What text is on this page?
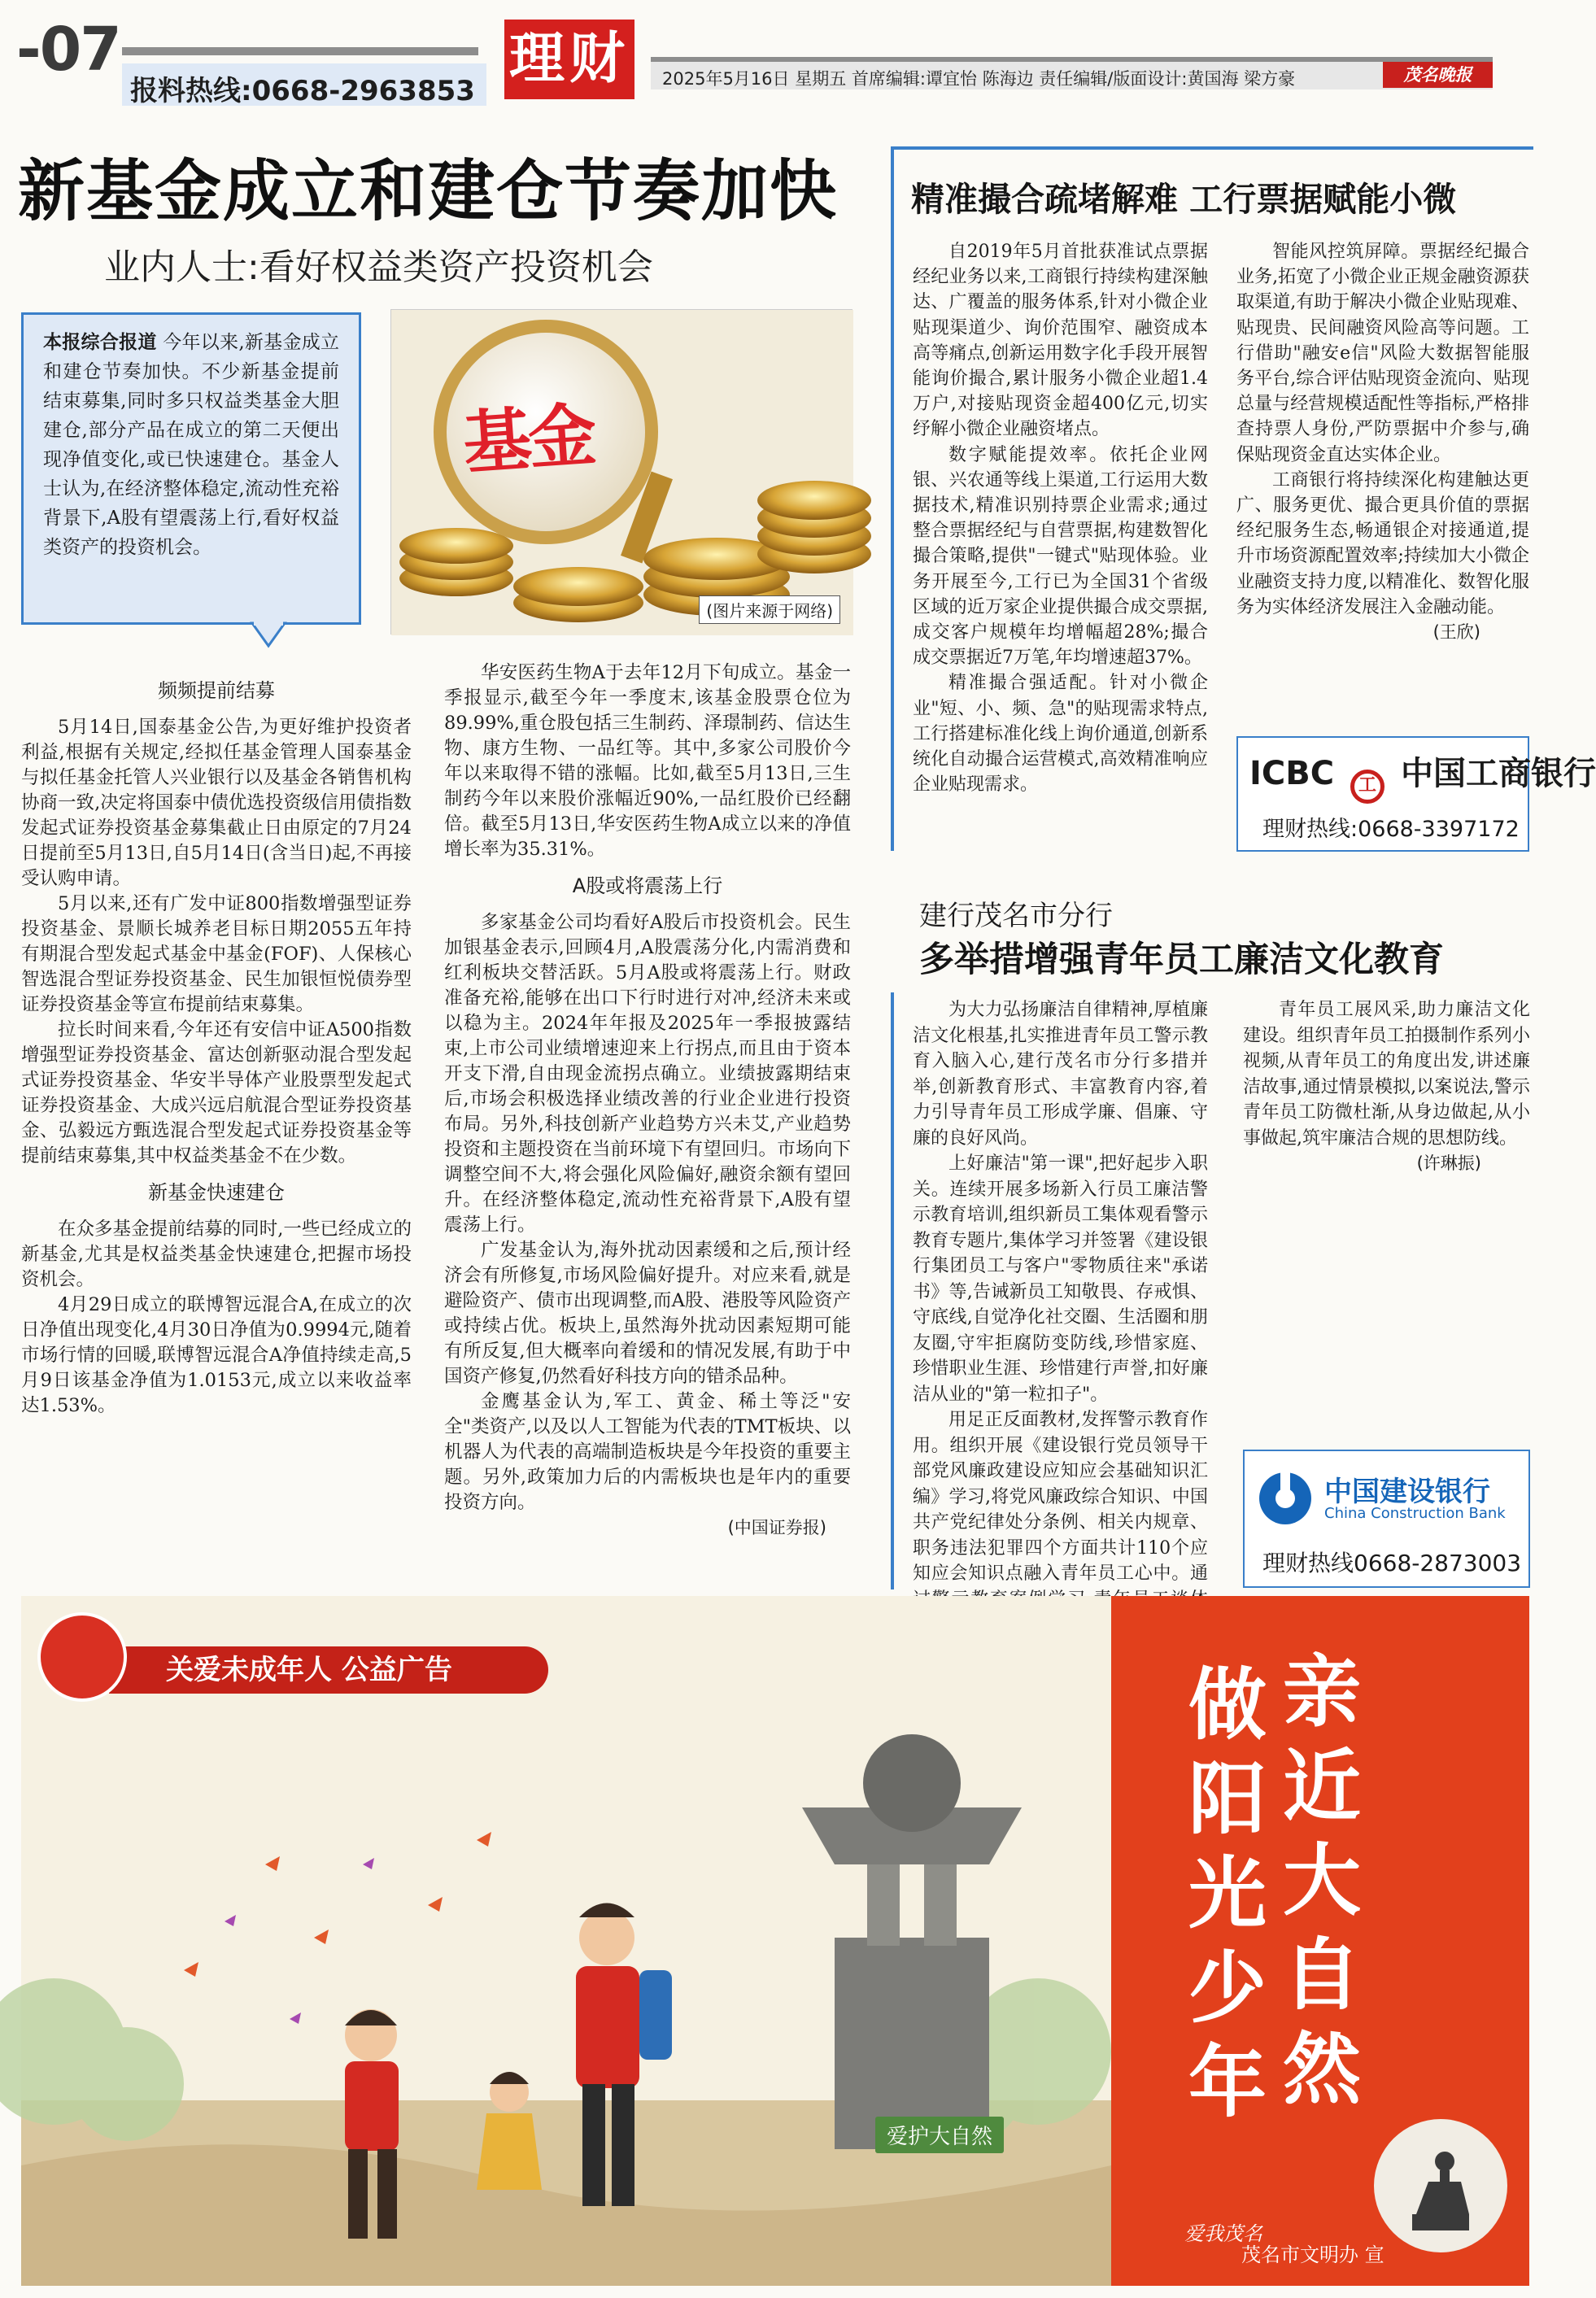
-07
报料热线:0668-2963853 理财	2025年5月16日 星期五 首席编辑:谭宜怡 陈海边 责任编辑/版面设计:黄国海 梁方豪	茂名晚报
新基金成立和建仓节奏加快
业内人士:看好权益类资产投资机会
本报综合报道 今年以来,新基金成立和建仓节奏加快。不少新基金提前结束募集,同时多只权益类基金大胆建仓,部分产品在成立的第二天便出现净值变化,或已快速建仓。基金人士认为,在经济整体稳定,流动性充裕背景下,A股有望震荡上行,看好权益类资产的投资机会。
基金
(图片来源于网络)
频频提前结募

5月14日,国泰基金公告,为更好维护投资者利益,根据有关规定,经拟任基金管理人国泰基金与拟任基金托管人兴业银行以及基金各销售机构协商一致,决定将国泰中债优选投资级信用债指数发起式证券投资基金募集截止日由原定的7月24日提前至5月13日,自5月14日(含当日)起,不再接受认购申请。

5月以来,还有广发中证800指数增强型证券投资基金、景顺长城养老目标日期2055五年持有期混合型发起式基金中基金(FOF)、人保核心智选混合型证券投资基金、民生加银恒悦债券型证券投资基金等宣布提前结束募集。

拉长时间来看,今年还有安信中证A500指数增强型证券投资基金、富达创新驱动混合型发起式证券投资基金、华安半导体产业股票型发起式证券投资基金、大成兴远启航混合型证券投资基金、弘毅远方甄选混合型发起式证券投资基金等提前结束募集,其中权益类基金不在少数。

新基金快速建仓

在众多基金提前结募的同时,一些已经成立的新基金,尤其是权益类基金快速建仓,把握市场投资机会。

4月29日成立的联博智远混合A,在成立的次日净值出现变化,4月30日净值为0.9994元,随着市场行情的回暖,联博智远混合A净值持续走高,5月9日该基金净值为1.0153元,成立以来收益率达1.53%。

华安医药生物A于去年12月下旬成立。基金一季报显示,截至今年一季度末,该基金股票仓位为89.99%,重仓股包括三生制药、泽璟制药、信达生物、康方生物、一品红等。其中,多家公司股价今年以来取得不错的涨幅。比如,截至5月13日,三生制药今年以来股价涨幅近90%,一品红股价已经翻倍。截至5月13日,华安医药生物A成立以来的净值增长率为35.31%。

A股或将震荡上行

多家基金公司均看好A股后市投资机会。民生加银基金表示,回顾4月,A股震荡分化,内需消费和红利板块交替活跃。5月A股或将震荡上行。财政准备充裕,能够在出口下行时进行对冲,经济未来或以稳为主。2024年年报及2025年一季报披露结束,上市公司业绩增速迎来上行拐点,而且由于资本开支下滑,自由现金流拐点确立。业绩披露期结束后,市场会积极选择业绩改善的行业企业进行投资布局。另外,科技创新产业趋势方兴未艾,产业趋势投资和主题投资在当前环境下有望回归。市场向下调整空间不大,将会强化风险偏好,融资余额有望回升。在经济整体稳定,流动性充裕背景下,A股有望震荡上行。

广发基金认为,海外扰动因素缓和之后,预计经济会有所修复,市场风险偏好提升。对应来看,就是避险资产、债市出现调整,而A股、港股等风险资产或持续占优。板块上,虽然海外扰动因素短期可能有所反复,但大概率向着缓和的情况发展,有助于中国资产修复,仍然看好科技方向的错杀品种。

金鹰基金认为,军工、黄金、稀土等泛"安全"类资产,以及以人工智能为代表的TMT板块、以机器人为代表的高端制造板块是今年投资的重要主题。另外,政策加力后的内需板块也是年内的重要投资方向。

(中国证券报)

精准撮合疏堵解难 工行票据赋能小微

自2019年5月首批获准试点票据经纪业务以来,工商银行持续构建深触达、广覆盖的服务体系,针对小微企业贴现渠道少、询价范围窄、融资成本高等痛点,创新运用数字化手段开展智能询价撮合,累计服务小微企业超1.4万户,对接贴现资金超400亿元,切实纾解小微企业融资堵点。

数字赋能提效率。依托企业网银、兴农通等线上渠道,工行运用大数据技术,精准识别持票企业需求;通过整合票据经纪与自营票据,构建数智化撮合策略,提供"一键式"贴现体验。业务开展至今,工行已为全国31个省级区域的近万家企业提供撮合成交票据,成交客户规模年均增幅超28%;撮合成交票据近7万笔,年均增速超37%。

精准撮合强适配。针对小微企业"短、小、频、急"的贴现需求特点,工行搭建标准化线上询价通道,创新系统化自动撮合运营模式,高效精准响应企业贴现需求。

智能风控筑屏障。票据经纪撮合业务,拓宽了小微企业正规金融资源获取渠道,有助于解决小微企业贴现难、贴现贵、民间融资风险高等问题。工行借助"融安e信"风险大数据智能服务平台,综合评估贴现资金流向、贴现总量与经营规模适配性等指标,严格排查持票人身份,严防票据中介参与,确保贴现资金直达实体企业。

工商银行将持续深化构建触达更广、服务更优、撮合更具价值的票据经纪服务生态,畅通银企对接通道,提升市场资源配置效率;持续加大小微企业融资支持力度,以精准化、数智化服务为实体经济发展注入金融动能。

(王欣)

ICBC 工 中国工商银行
理财热线:0668-3397172
建行茂名市分行
多举措增强青年员工廉洁文化教育

为大力弘扬廉洁自律精神,厚植廉洁文化根基,扎实推进青年员工警示教育入脑入心,建行茂名市分行多措并举,创新教育形式、丰富教育内容,着力引导青年员工形成学廉、倡廉、守廉的良好风尚。

上好廉洁"第一课",把好起步入职关。连续开展多场新入行员工廉洁警示教育培训,组织新员工集体观看警示教育专题片,集体学习并签署《建设银行集团员工与客户"零物质往来"承诺书》等,告诫新员工知敬畏、存戒惧、守底线,自觉净化社交圈、生活圈和朋友圈,守牢拒腐防变防线,珍惜家庭、珍惜职业生涯、珍惜建行声誉,扣好廉洁从业的"第一粒扣子"。

用足正反面教材,发挥警示教育作用。组织开展《建设银行党员领导干部党风廉政建设应知应会基础知识汇编》学习,将党风廉政综合知识、中国共产党纪律处分条例、相关内规章、职务违法犯罪四个方面共计110个应知应会知识点融入青年员工心中。通

青年员工展风采,助力廉洁文化建设。组织青年员工拍摄制作系列小视频,从青年员工的角度出发,讲述廉洁故事,通过情景模拟,以案说法,警示青年员工防微杜渐,从身边做起,从小事做起,筑牢廉洁合规的思想防线。

(许琳振)

中国建设银行
China Construction Bank
理财热线0668-2873003
爱护大自然
关爱未成年人 公益广告	做
阳
光
少
年
亲
近
大
自
然
爱我茂名
茂名市文明办 宣
